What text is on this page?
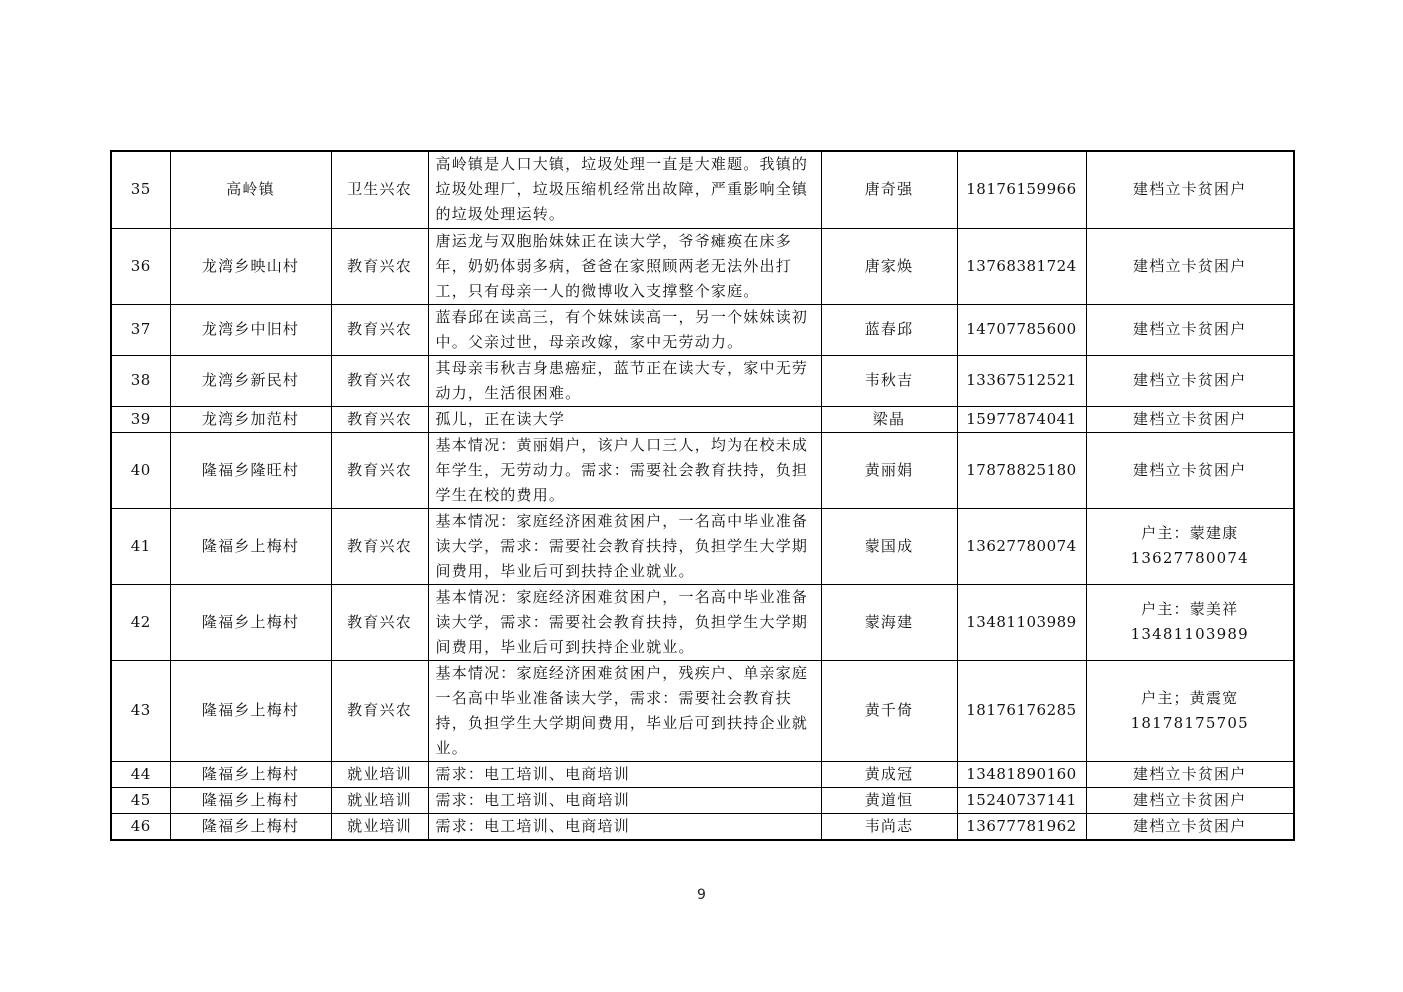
35	高岭镇	卫生兴农	高岭镇是人口大镇，垃圾处理一直是大难题。我镇的垃圾处理厂，垃圾压缩机经常出故障，严重影响全镇的垃圾处理运转。	唐奇强	18176159966	建档立卡贫困户
36	龙湾乡映山村	教育兴农	唐运龙与双胞胎妹妹正在读大学，爷爷瘫痪在床多年，奶奶体弱多病，爸爸在家照顾两老无法外出打工，只有母亲一人的微博收入支撑整个家庭。	唐家焕	13768381724	建档立卡贫困户
37	龙湾乡中旧村	教育兴农	蓝春邱在读高三，有个妹妹读高一，另一个妹妹读初中。父亲过世，母亲改嫁，家中无劳动力。	蓝春邱	14707785600	建档立卡贫困户
38	龙湾乡新民村	教育兴农	其母亲韦秋吉身患癌症，蓝节正在读大专，家中无劳动力，生活很困难。	韦秋吉	13367512521	建档立卡贫困户
39	龙湾乡加范村	教育兴农	孤儿，正在读大学	梁晶	15977874041	建档立卡贫困户
40	隆福乡隆旺村	教育兴农	基本情况：黄丽娟户，该户人口三人，均为在校未成年学生，无劳动力。需求：需要社会教育扶持，负担学生在校的费用。	黄丽娟	17878825180	建档立卡贫困户
41	隆福乡上梅村	教育兴农	基本情况：家庭经济困难贫困户，一名高中毕业准备读大学，需求：需要社会教育扶持，负担学生大学期间费用，毕业后可到扶持企业就业。	蒙国成	13627780074	户主：蒙建康
13627780074

42	隆福乡上梅村	教育兴农	基本情况：家庭经济困难贫困户，一名高中毕业准备读大学，需求：需要社会教育扶持，负担学生大学期间费用，毕业后可到扶持企业就业。	蒙海建	13481103989	户主：蒙美祥
13481103989

43	隆福乡上梅村	教育兴农	基本情况：家庭经济困难贫困户，残疾户、单亲家庭一名高中毕业准备读大学，需求：需要社会教育扶持，负担学生大学期间费用，毕业后可到扶持企业就业。	黄千倚	18176176285	户主；黄震宽
18178175705

44	隆福乡上梅村	就业培训	需求：电工培训、电商培训	黄成冠	13481890160	建档立卡贫困户
45	隆福乡上梅村	就业培训	需求：电工培训、电商培训	黄道恒	15240737141	建档立卡贫困户
46	隆福乡上梅村	就业培训	需求：电工培训、电商培训	韦尚志	13677781962	建档立卡贫困户
9
